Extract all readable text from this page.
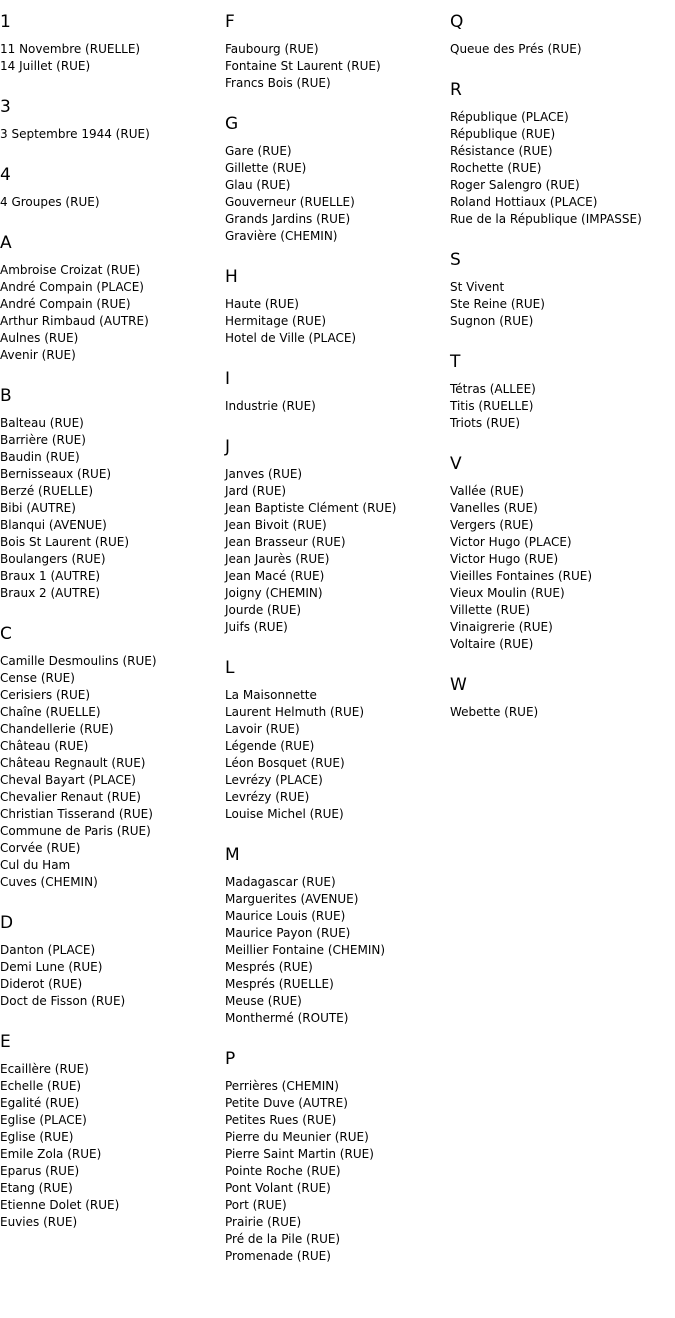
1
11 Novembre (RUELLE)
14 Juillet (RUE)
3
3 Septembre 1944 (RUE)
4
4 Groupes (RUE)
A
Ambroise Croizat (RUE)
André Compain (PLACE)
André Compain (RUE)
Arthur Rimbaud (AUTRE)
Aulnes (RUE)
Avenir (RUE)
B
Balteau (RUE)
Barrière (RUE)
Baudin (RUE)
Bernisseaux (RUE)
Berzé (RUELLE)
Bibi (AUTRE)
Blanqui (AVENUE)
Bois St Laurent (RUE)
Boulangers (RUE)
Braux 1 (AUTRE)
Braux 2 (AUTRE)
C
Camille Desmoulins (RUE)
Cense (RUE)
Cerisiers (RUE)
Chaîne (RUELLE)
Chandellerie (RUE)
Château (RUE)
Château Regnault (RUE)
Cheval Bayart (PLACE)
Chevalier Renaut (RUE)
Christian Tisserand (RUE)
Commune de Paris (RUE)
Corvée (RUE)
Cul du Ham
Cuves (CHEMIN)
D
Danton (PLACE)
Demi Lune (RUE)
Diderot (RUE)
Doct de Fisson (RUE)
E
Ecaillère (RUE)
Echelle (RUE)
Egalité (RUE)
Eglise (PLACE)
Eglise (RUE)
Emile Zola (RUE)
Eparus (RUE)
Etang (RUE)
Etienne Dolet (RUE)
Euvies (RUE)
F
Faubourg (RUE)
Fontaine St Laurent (RUE)
Francs Bois (RUE)
G
Gare (RUE)
Gillette (RUE)
Glau (RUE)
Gouverneur (RUELLE)
Grands Jardins (RUE)
Gravière (CHEMIN)
H
Haute (RUE)
Hermitage (RUE)
Hotel de Ville (PLACE)
I
Industrie (RUE)
J
Janves (RUE)
Jard (RUE)
Jean Baptiste Clément (RUE)
Jean Bivoit (RUE)
Jean Brasseur (RUE)
Jean Jaurès (RUE)
Jean Macé (RUE)
Joigny (CHEMIN)
Jourde (RUE)
Juifs (RUE)
L
La Maisonnette
Laurent Helmuth (RUE)
Lavoir (RUE)
Légende (RUE)
Léon Bosquet (RUE)
Levrézy (PLACE)
Levrézy (RUE)
Louise Michel (RUE)
M
Madagascar (RUE)
Marguerites (AVENUE)
Maurice Louis (RUE)
Maurice Payon (RUE)
Meillier Fontaine (CHEMIN)
Mesprés (RUE)
Mesprés (RUELLE)
Meuse (RUE)
Monthermé (ROUTE)
P
Perrières (CHEMIN)
Petite Duve (AUTRE)
Petites Rues (RUE)
Pierre du Meunier (RUE)
Pierre Saint Martin (RUE)
Pointe Roche (RUE)
Pont Volant (RUE)
Port (RUE)
Prairie (RUE)
Pré de la Pile (RUE)
Promenade (RUE)
Q
Queue des Prés (RUE)
R
République (PLACE)
République (RUE)
Résistance (RUE)
Rochette (RUE)
Roger Salengro (RUE)
Roland Hottiaux (PLACE)
Rue de la République (IMPASSE)
S
St Vivent
Ste Reine (RUE)
Sugnon (RUE)
T
Tétras (ALLEE)
Titis (RUELLE)
Triots (RUE)
V
Vallée (RUE)
Vanelles (RUE)
Vergers (RUE)
Victor Hugo (PLACE)
Victor Hugo (RUE)
Vieilles Fontaines (RUE)
Vieux Moulin (RUE)
Villette (RUE)
Vinaigrerie (RUE)
Voltaire (RUE)
W
Webette (RUE)
